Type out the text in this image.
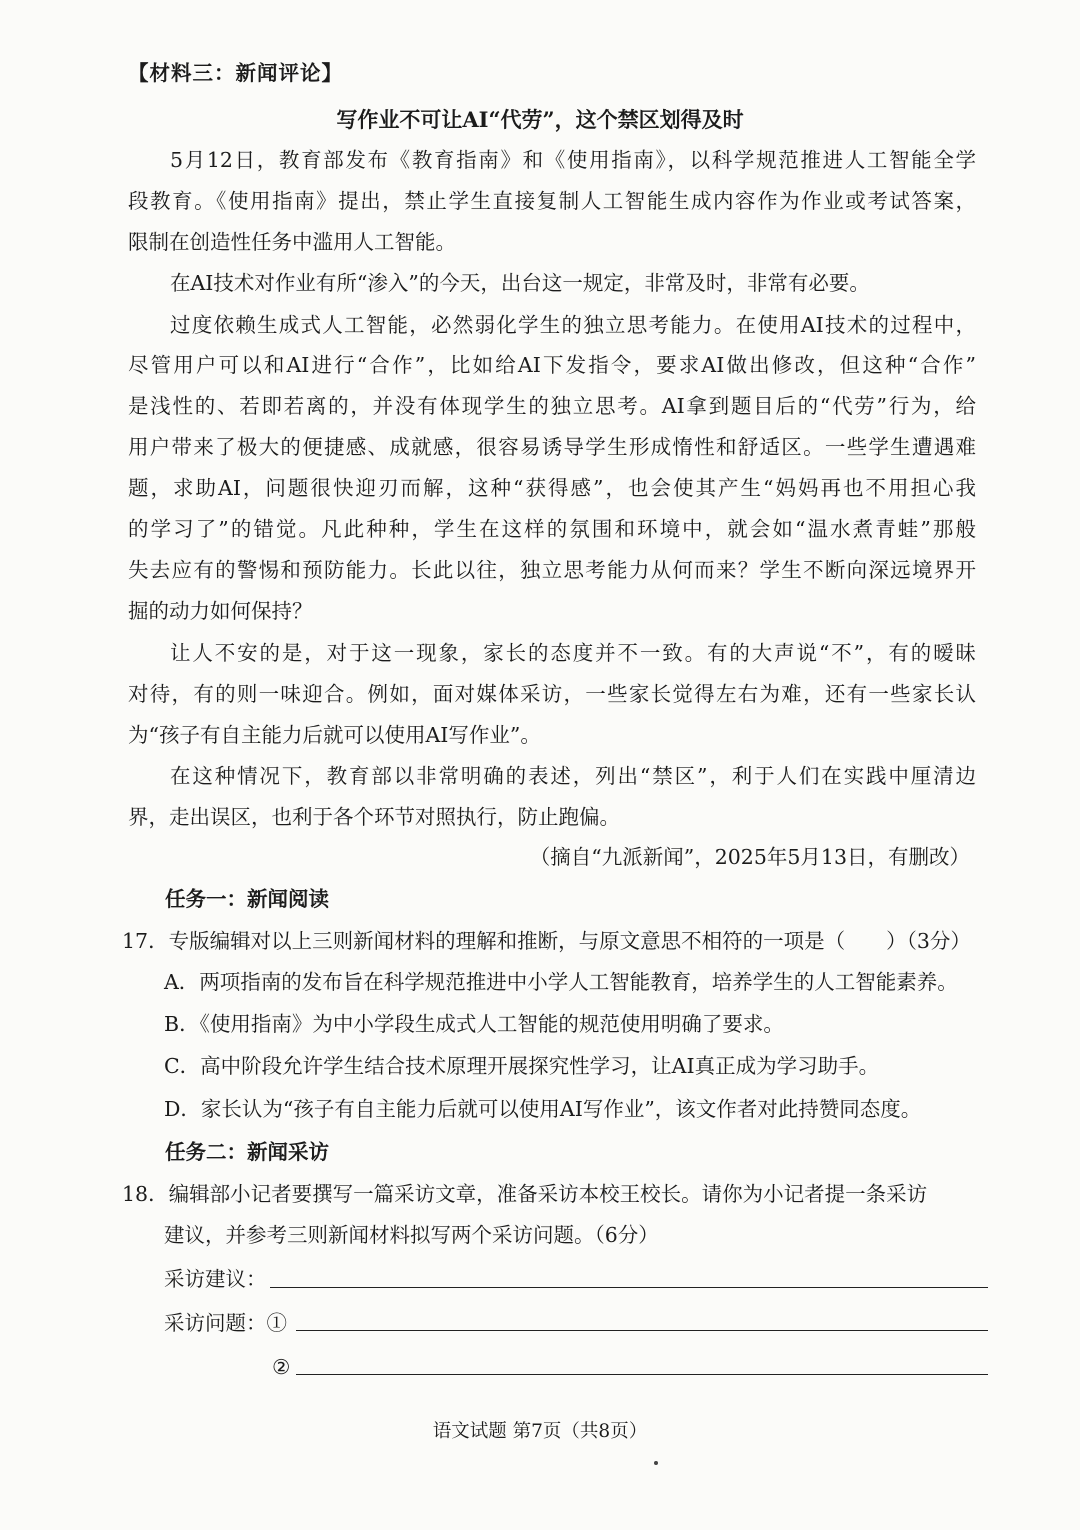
【材料三：新闻评论】
写作业不可让AI“代劳”，这个禁区划得及时
5月12日，教育部发布《教育指南》和《使用指南》，以科学规范推进人工智能全学
段教育。《使用指南》提出，禁止学生直接复制人工智能生成内容作为作业或考试答案，
限制在创造性任务中滥用人工智能。
在AI技术对作业有所“渗入”的今天，出台这一规定，非常及时，非常有必要。
过度依赖生成式人工智能，必然弱化学生的独立思考能力。在使用AI技术的过程中，
尽管用户可以和AI进行“合作”，比如给AI下发指令，要求AI做出修改，但这种“合作”
是浅性的、若即若离的，并没有体现学生的独立思考。AI拿到题目后的“代劳”行为，给
用户带来了极大的便捷感、成就感，很容易诱导学生形成惰性和舒适区。一些学生遭遇难
题，求助AI，问题很快迎刃而解，这种“获得感”，也会使其产生“妈妈再也不用担心我
的学习了”的错觉。凡此种种，学生在这样的氛围和环境中，就会如“温水煮青蛙”那般
失去应有的警惕和预防能力。长此以往，独立思考能力从何而来？学生不断向深远境界开
掘的动力如何保持？
让人不安的是，对于这一现象，家长的态度并不一致。有的大声说“不”，有的暧昧
对待，有的则一味迎合。例如，面对媒体采访，一些家长觉得左右为难，还有一些家长认
为“孩子有自主能力后就可以使用AI写作业”。
在这种情况下，教育部以非常明确的表述，列出“禁区”，利于人们在实践中厘清边
界，走出误区，也利于各个环节对照执行，防止跑偏。
（摘自“九派新闻”，2025年5月13日，有删改）
任务一：新闻阅读
17．专版编辑对以上三则新闻材料的理解和推断，与原文意思不相符的一项是（　　）（3分）
A．两项指南的发布旨在科学规范推进中小学人工智能教育，培养学生的人工智能素养。
B．《使用指南》为中小学段生成式人工智能的规范使用明确了要求。
C．高中阶段允许学生结合技术原理开展探究性学习，让AI真正成为学习助手。
D．家长认为“孩子有自主能力后就可以使用AI写作业”，该文作者对此持赞同态度。
任务二：新闻采访
18．编辑部小记者要撰写一篇采访文章，准备采访本校王校长。请你为小记者提一条采访
建议，并参考三则新闻材料拟写两个采访问题。（6分）
采访建议：
采访问题：①
②
语文试题 第7页（共8页）
